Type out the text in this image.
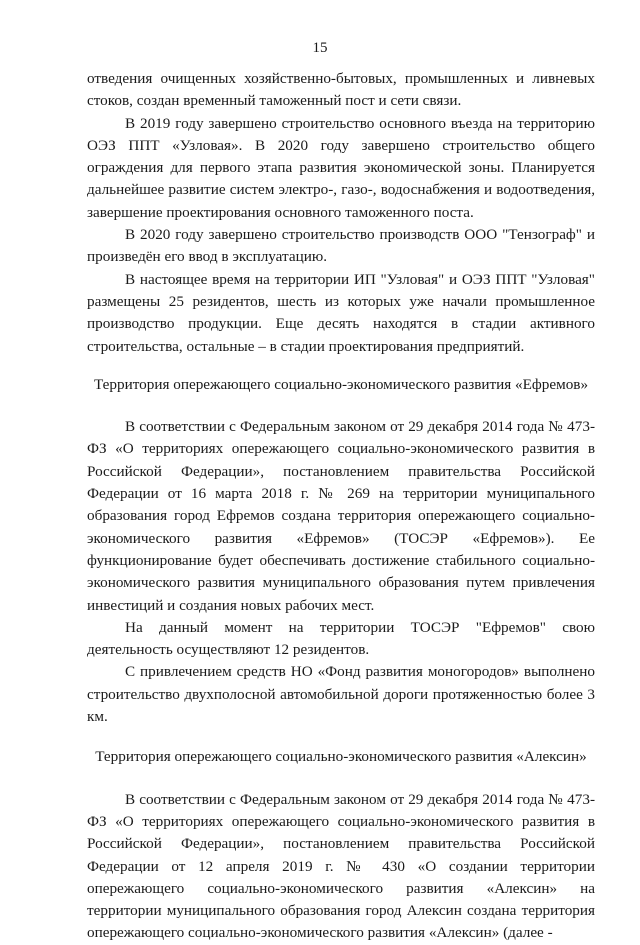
15

отведения очищенных хозяйственно-бытовых, промышленных и ливневых стоков, создан временный таможенный пост и сети связи.

В 2019 году завершено строительство основного въезда на территорию ОЭЗ ППТ «Узловая». В 2020 году завершено строительство общего ограждения для первого этапа развития экономической зоны. Планируется дальнейшее развитие систем электро-, газо-, водоснабжения и водоотведения, завершение проектирования основного таможенного поста.

В 2020 году завершено строительство производств ООО "Тензограф" и произведён его ввод в эксплуатацию.

В настоящее время на территории ИП "Узловая" и ОЭЗ ППТ "Узловая" размещены 25 резидентов, шесть из которых уже начали промышленное производство продукции. Еще десять находятся в стадии активного строительства, остальные – в стадии проектирования предприятий.

Территория опережающего социально-экономического развития «Ефремов»

В соответствии с Федеральным законом от 29 декабря 2014 года № 473-ФЗ «О территориях опережающего социально-экономического развития в Российской Федерации», постановлением правительства Российской Федерации от 16 марта 2018 г. № 269 на территории муниципального образования город Ефремов создана территория опережающего социально-экономического развития «Ефремов» (ТОСЭР «Ефремов»). Ее функционирование будет обеспечивать достижение стабильного социально-экономического развития муниципального образования путем привлечения инвестиций и создания новых рабочих мест.

На данный момент на территории ТОСЭР "Ефремов" свою деятельность осуществляют 12 резидентов.

С привлечением средств НО «Фонд развития моногородов» выполнено строительство двухполосной автомобильной дороги протяженностью более 3 км.

Территория опережающего социально-экономического развития «Алексин»

В соответствии с Федеральным законом от 29 декабря 2014 года № 473-ФЗ «О территориях опережающего социально-экономического развития в Российской Федерации», постановлением правительства Российской Федерации от 12 апреля 2019 г. № 430 «О создании территории опережающего социально-экономического развития «Алексин» на территории муниципального образования город Алексин создана территория опережающего социально-экономического развития «Алексин» (далее -
